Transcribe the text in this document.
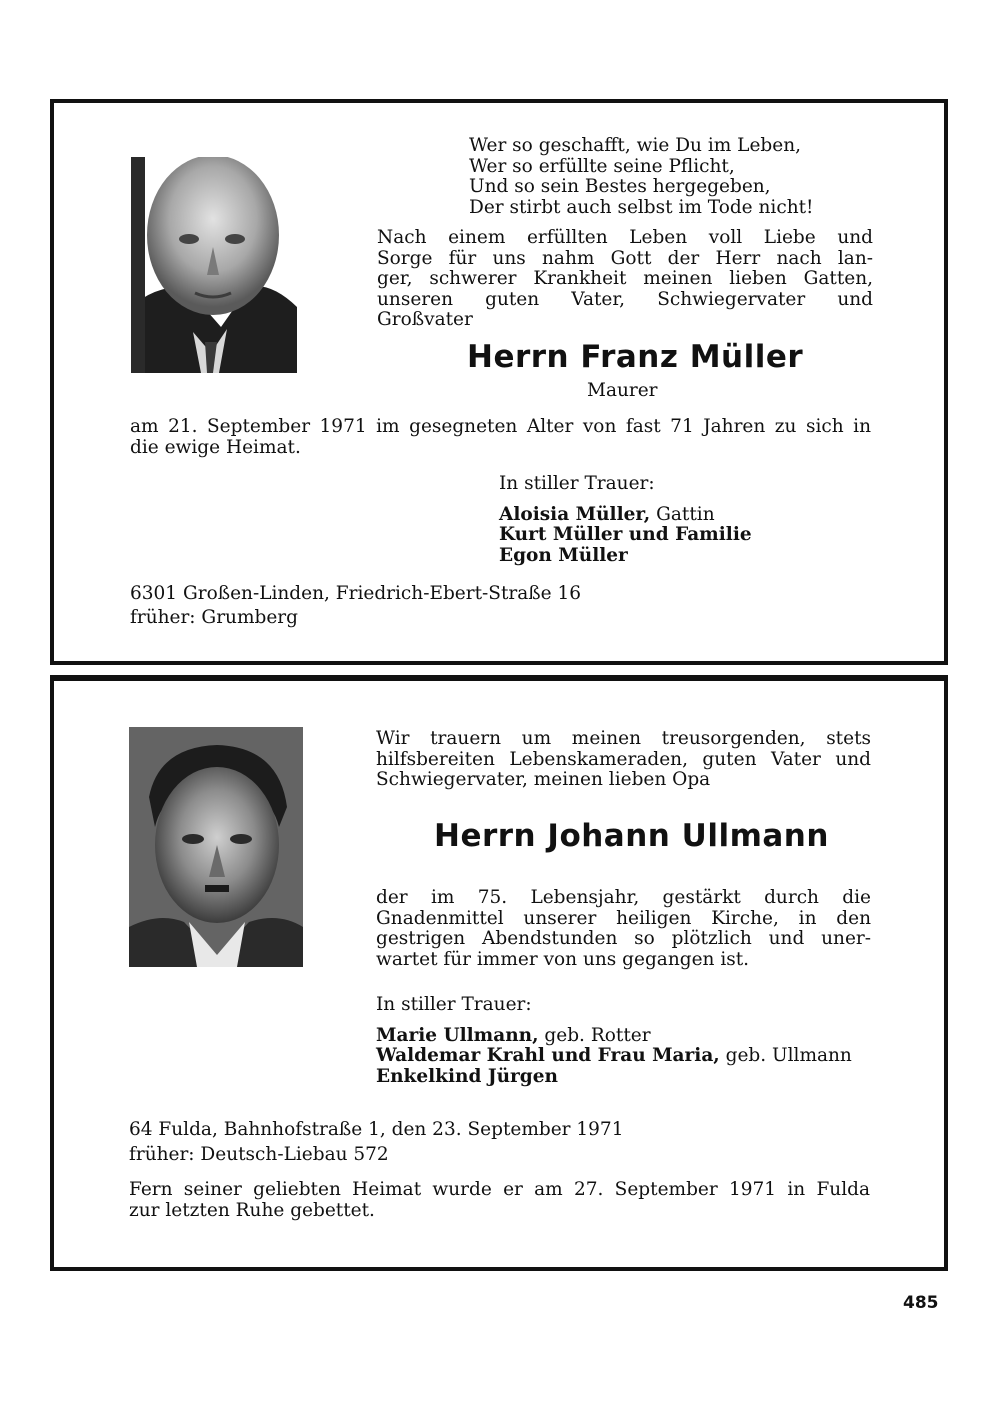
Wer so geschafft, wie Du im Leben,
Wer so erfüllte seine Pflicht,
Und so sein Bestes hergegeben,
Der stirbt auch selbst im Tode nicht!
Nach einem erfüllten Leben voll Liebe und
Sorge für uns nahm Gott der Herr nach lan-
ger, schwerer Krankheit meinen lieben Gatten,
unseren guten Vater, Schwiegervater und
Großvater
Herrn Franz Müller
Maurer
am 21. September 1971 im gesegneten Alter von fast 71 Jahren zu sich in
die ewige Heimat.
In stiller Trauer:
Aloisia Müller, Gattin
Kurt Müller und Familie
Egon Müller
6301 Großen-Linden, Friedrich-Ebert-Straße 16
früher: Grumberg
Wir trauern um meinen treusorgenden, stets
hilfsbereiten Lebenskameraden, guten Vater und
Schwiegervater, meinen lieben Opa
Herrn Johann Ullmann
der im 75. Lebensjahr, gestärkt durch die
Gnadenmittel unserer heiligen Kirche, in den
gestrigen Abendstunden so plötzlich und uner-
wartet für immer von uns gegangen ist.
In stiller Trauer:
Marie Ullmann, geb. Rotter
Waldemar Krahl und Frau Maria, geb. Ullmann
Enkelkind Jürgen
64 Fulda, Bahnhofstraße 1, den 23. September 1971
früher: Deutsch-Liebau 572
Fern seiner geliebten Heimat wurde er am 27. September 1971 in Fulda
zur letzten Ruhe gebettet.
485
